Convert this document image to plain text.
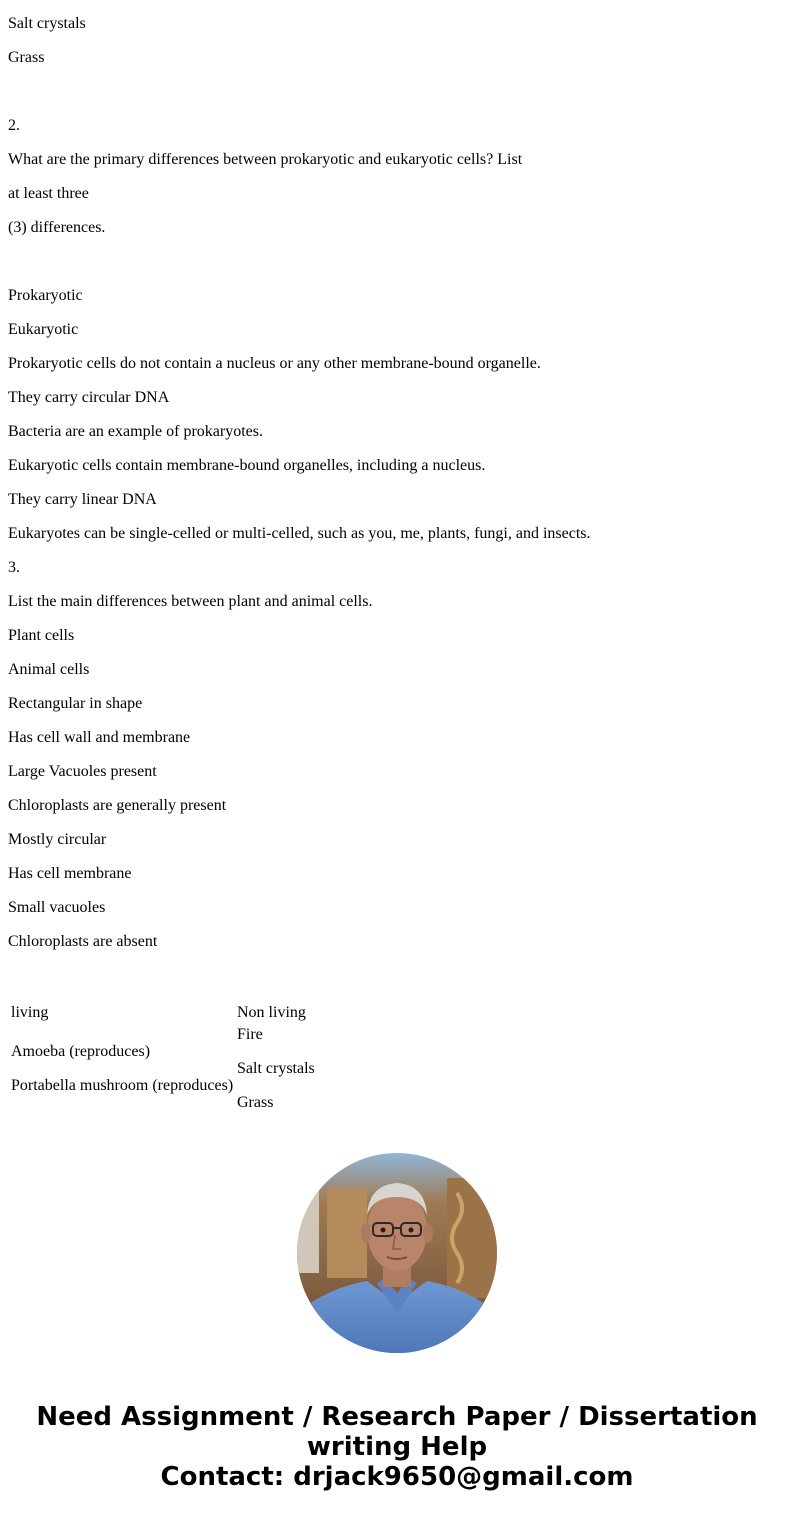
Salt crystals
Grass
2.
What are the primary differences between prokaryotic and eukaryotic cells? List
at least three
(3) differences.
Prokaryotic
Eukaryotic
Prokaryotic cells do not contain a nucleus or any other membrane-bound organelle.
They carry circular DNA
Bacteria are an example of prokaryotes.
Eukaryotic cells contain membrane-bound organelles, including a nucleus.
They carry linear DNA
Eukaryotes can be single-celled or multi-celled, such as you, me, plants, fungi, and insects.
3.
List the main differences between plant and animal cells.
Plant cells
Animal cells
Rectangular in shape
Has cell wall and membrane
Large Vacuoles present
Chloroplasts are generally present
Mostly circular
Has cell membrane
Small vacuoles
Chloroplasts are absent
living
Amoeba (reproduces)
Portabella mushroom (reproduces)
Non living
Fire
Salt crystals
Grass
Need Assignment / Research Paper / Dissertation
writing Help
Contact: drjack9650@gmail.com
